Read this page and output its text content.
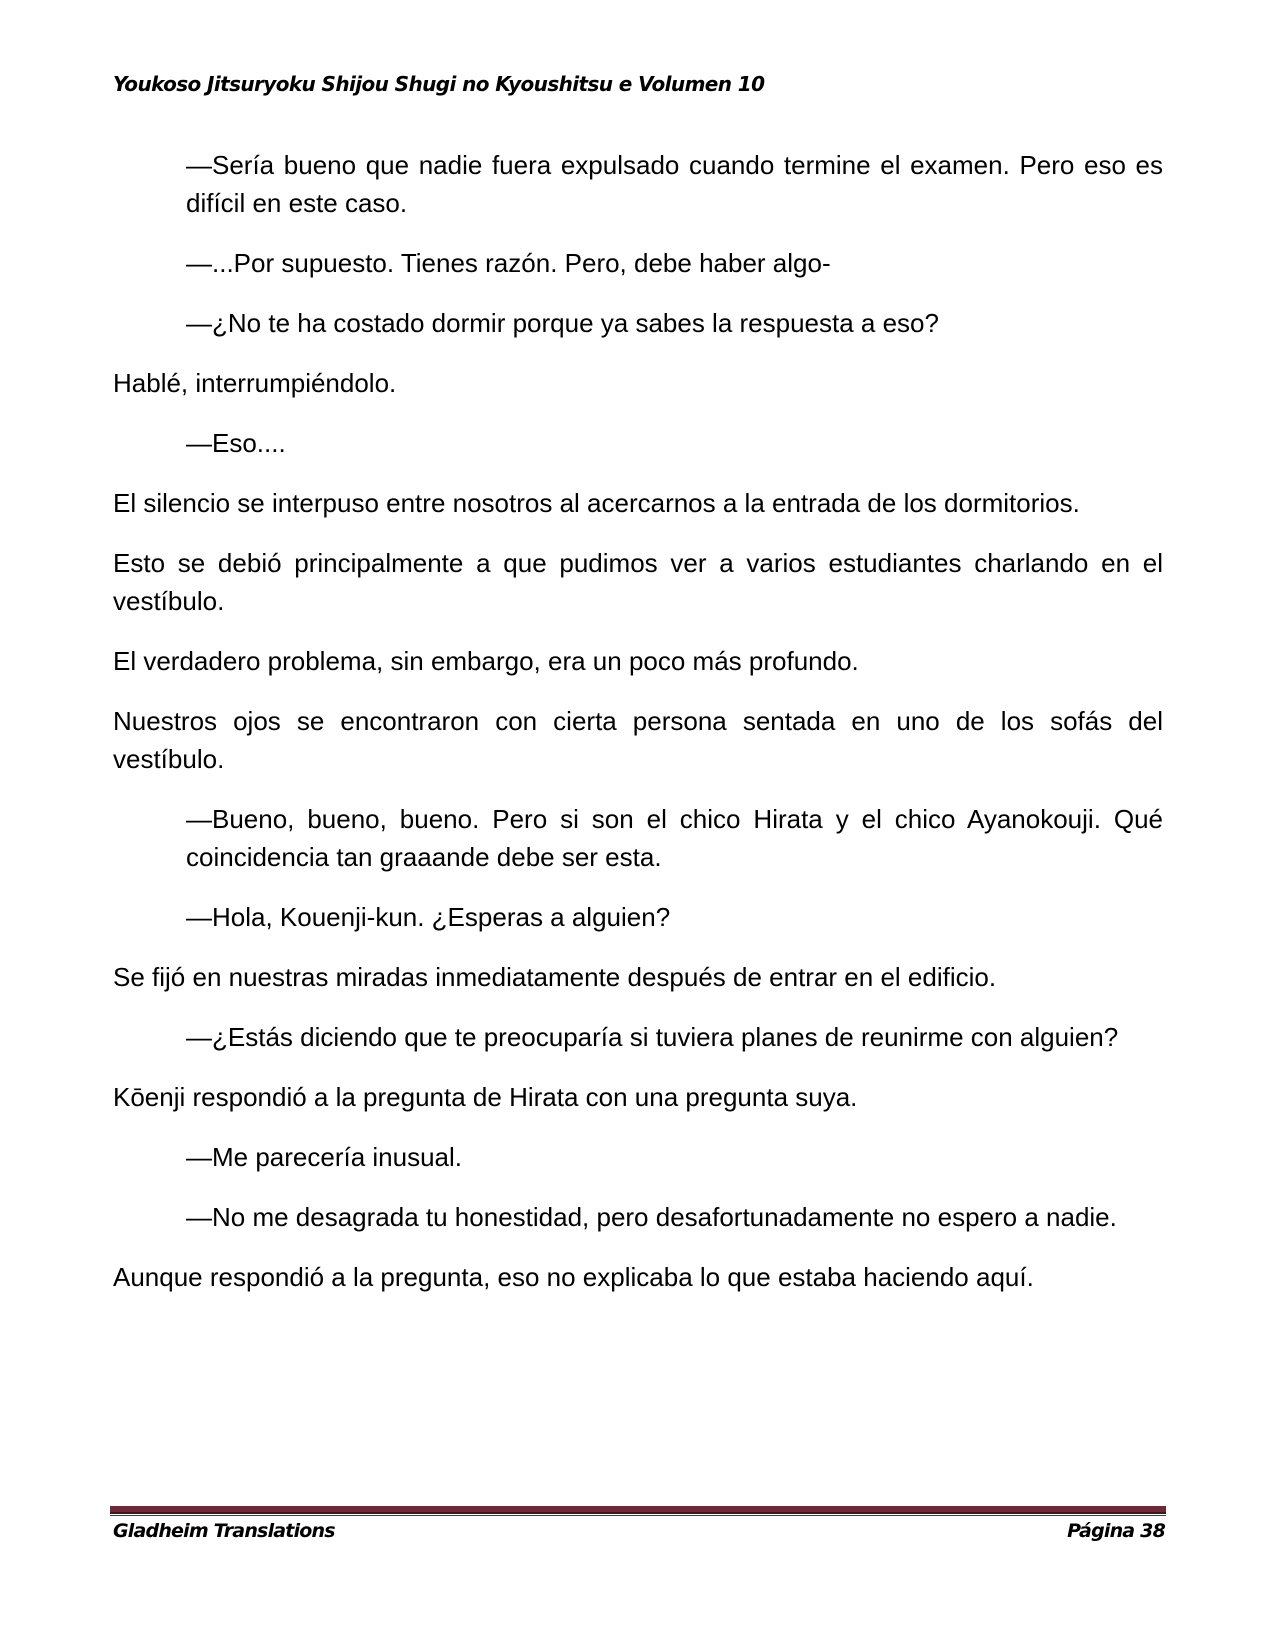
Youkoso Jitsuryoku Shijou Shugi no Kyoushitsu e Volumen 10

—Sería bueno que nadie fuera expulsado cuando termine el examen. Pero eso es difícil en este caso.

—...Por supuesto. Tienes razón. Pero, debe haber algo-

—¿No te ha costado dormir porque ya sabes la respuesta a eso?

Hablé, interrumpiéndolo.

—Eso....

El silencio se interpuso entre nosotros al acercarnos a la entrada de los dormitorios.

Esto se debió principalmente a que pudimos ver a varios estudiantes charlando en el vestíbulo.

El verdadero problema, sin embargo, era un poco más profundo.

Nuestros ojos se encontraron con cierta persona sentada en uno de los sofás del vestíbulo.

—Bueno, bueno, bueno. Pero si son el chico Hirata y el chico Ayanokouji. Qué coincidencia tan graaande debe ser esta.

—Hola, Kouenji-kun. ¿Esperas a alguien?

Se fijó en nuestras miradas inmediatamente después de entrar en el edificio.

—¿Estás diciendo que te preocuparía si tuviera planes de reunirme con alguien?

Kōenji respondió a la pregunta de Hirata con una pregunta suya.

—Me parecería inusual.

—No me desagrada tu honestidad, pero desafortunadamente no espero a nadie.

Aunque respondió a la pregunta, eso no explicaba lo que estaba haciendo aquí.

Gladheim Translations	Página 38
